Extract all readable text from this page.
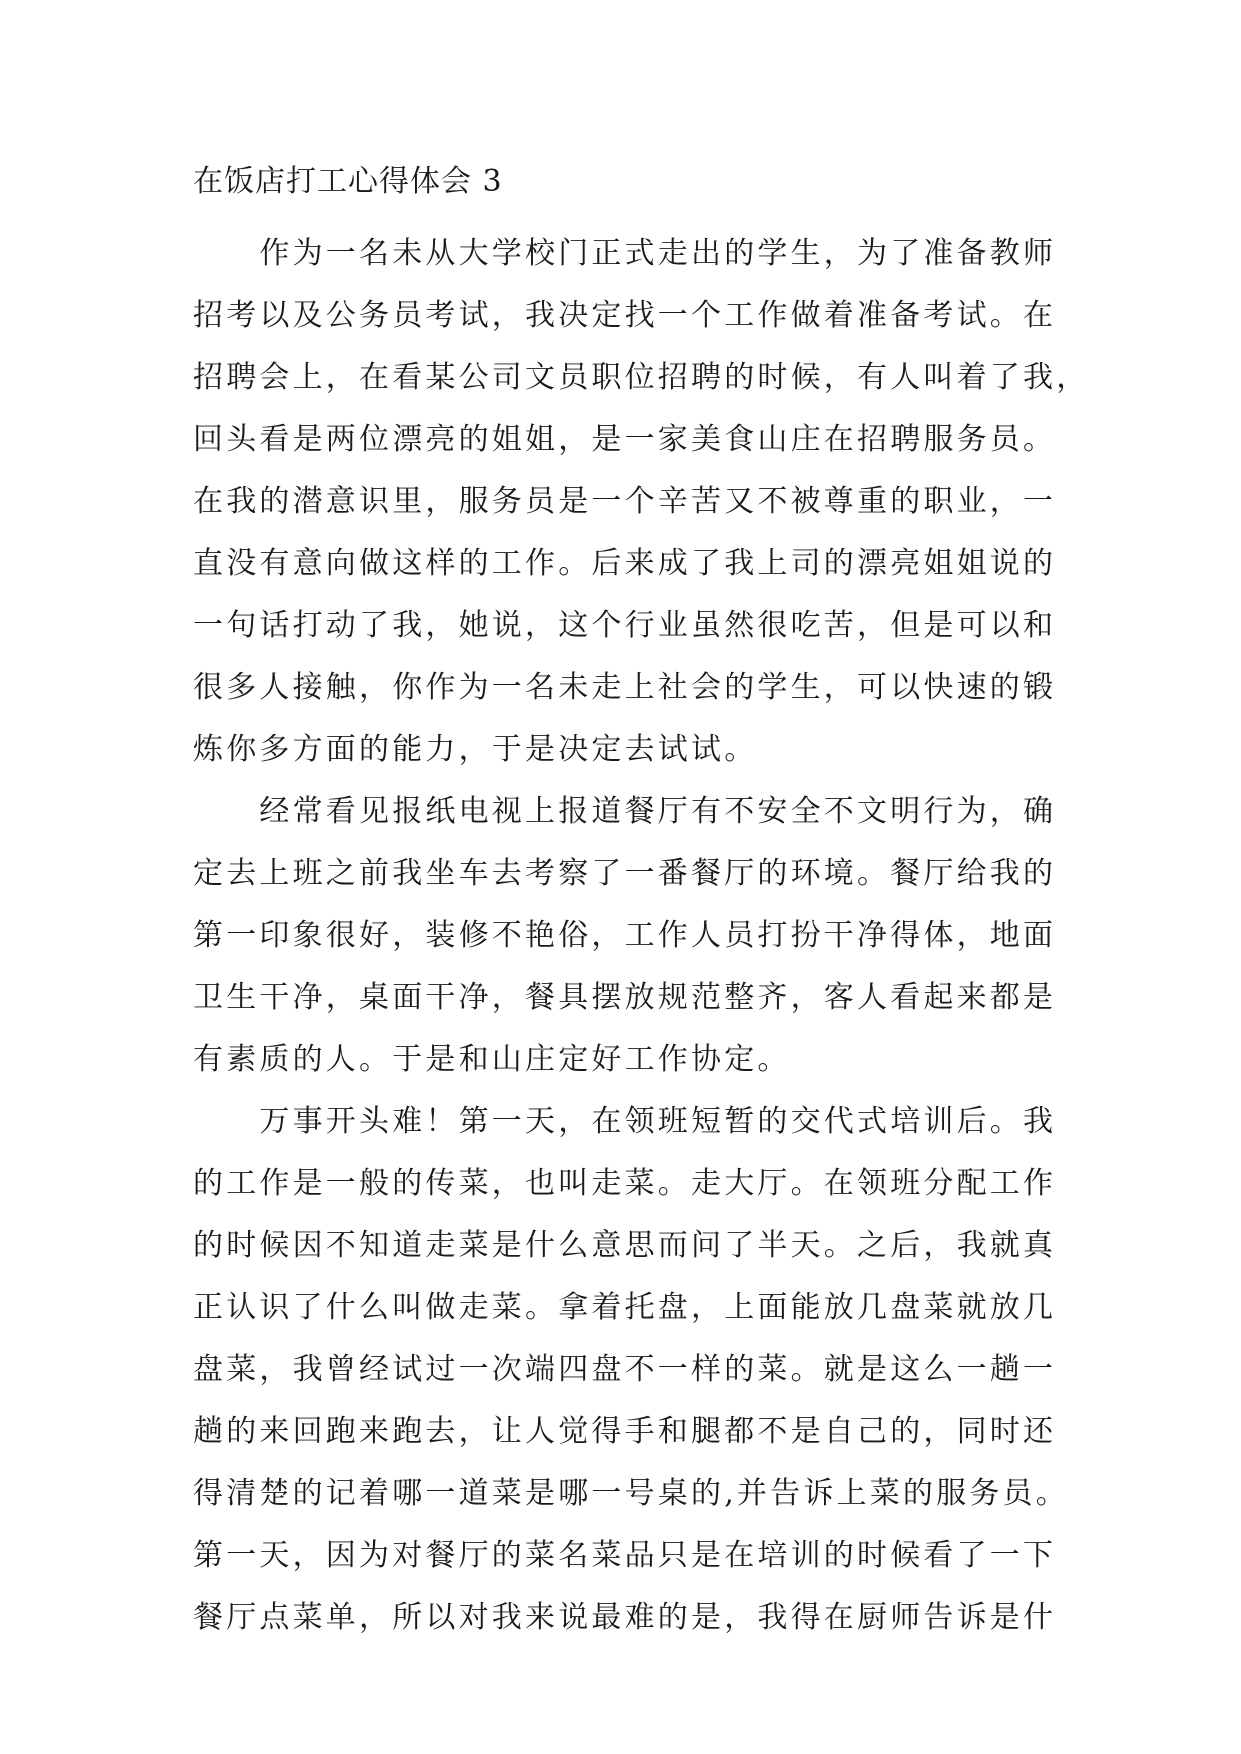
在饭店打工心得体会 3
　　作为一名未从大学校门正式走出的学生，为了准备教师
招考以及公务员考试，我决定找一个工作做着准备考试。在
招聘会上，在看某公司文员职位招聘的时候，有人叫着了我，
回头看是两位漂亮的姐姐，是一家美食山庄在招聘服务员。
在我的潜意识里，服务员是一个辛苦又不被尊重的职业，一
直没有意向做这样的工作。后来成了我上司的漂亮姐姐说的
一句话打动了我，她说，这个行业虽然很吃苦，但是可以和
很多人接触，你作为一名未走上社会的学生，可以快速的锻
炼你多方面的能力，于是决定去试试。
　　经常看见报纸电视上报道餐厅有不安全不文明行为，确
定去上班之前我坐车去考察了一番餐厅的环境。餐厅给我的
第一印象很好，装修不艳俗，工作人员打扮干净得体，地面
卫生干净，桌面干净，餐具摆放规范整齐，客人看起来都是
有素质的人。于是和山庄定好工作协定。
　　万事开头难！第一天，在领班短暂的交代式培训后。我
的工作是一般的传菜，也叫走菜。走大厅。在领班分配工作
的时候因不知道走菜是什么意思而问了半天。之后，我就真
正认识了什么叫做走菜。拿着托盘，上面能放几盘菜就放几
盘菜，我曾经试过一次端四盘不一样的菜。就是这么一趟一
趟的来回跑来跑去，让人觉得手和腿都不是自己的，同时还
得清楚的记着哪一道菜是哪一号桌的,并告诉上菜的服务员。
第一天，因为对餐厅的菜名菜品只是在培训的时候看了一下
餐厅点菜单，所以对我来说最难的是，我得在厨师告诉是什
